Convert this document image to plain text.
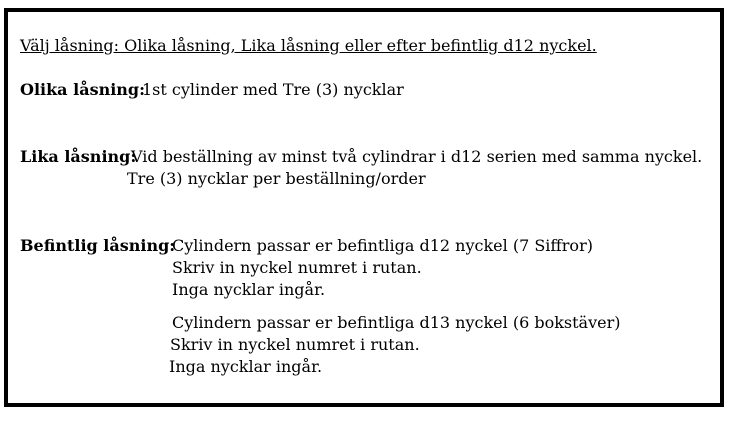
Välj låsning: Olika låsning, Lika låsning eller efter befintlig d12 nyckel.

Olika låsning:

1st cylinder med Tre (3) nycklar

Lika låsning:

Vid beställning av minst två cylindrar i d12 serien med samma nyckel.

Tre (3) nycklar per beställning/order

Befintlig låsning:

Cylindern passar er befintliga d12 nyckel (7 Siffror)

Skriv in nyckel numret i rutan.

Inga nycklar ingår.

Cylindern passar er befintliga d13 nyckel (6 bokstäver)

Skriv in nyckel numret i rutan.

Inga nycklar ingår.
